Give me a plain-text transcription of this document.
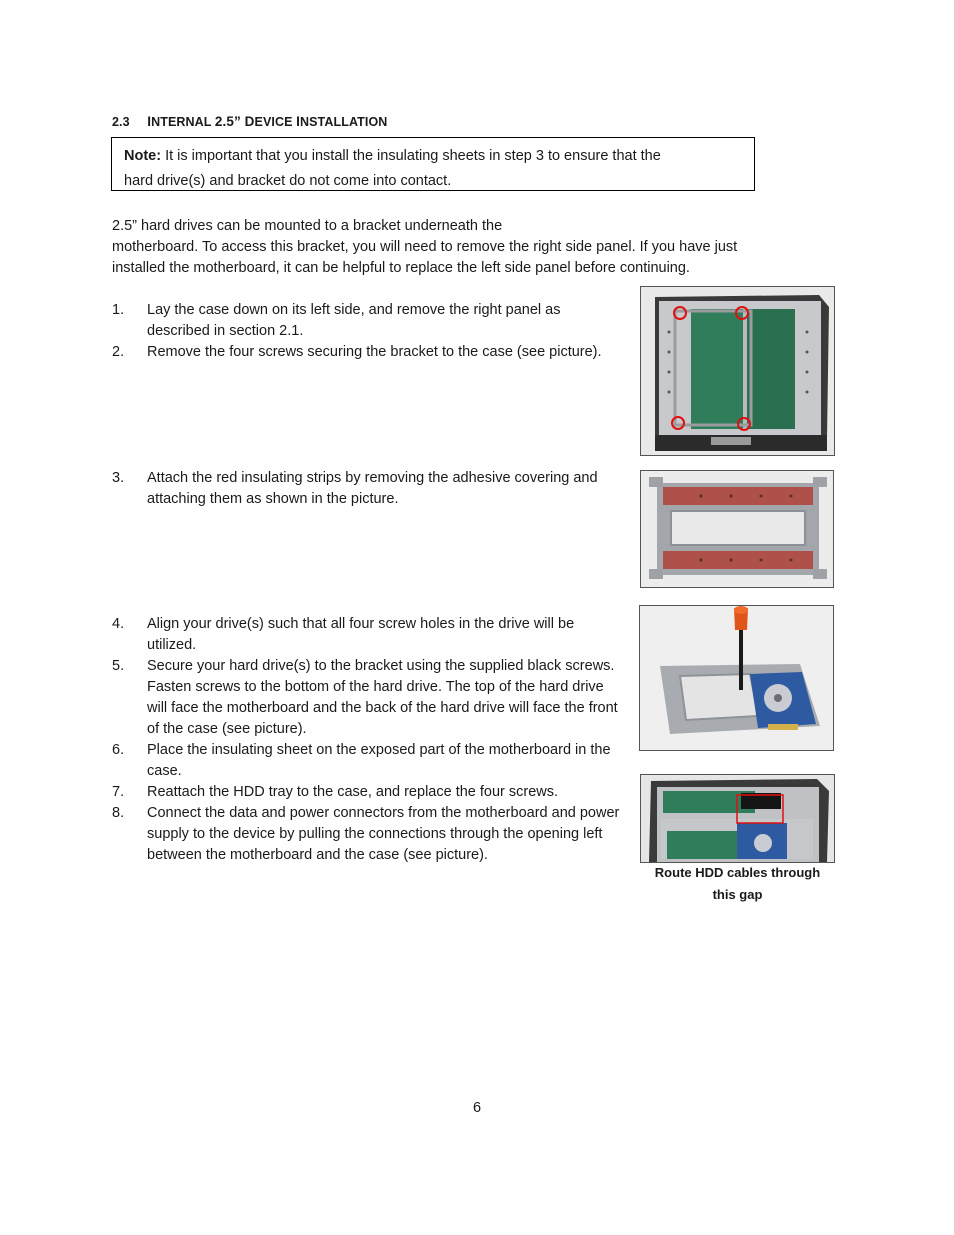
2.3 INTERNAL 2.5” DEVICE INSTALLATION
Note: It is important that you install the insulating sheets in step 3 to ensure that the
hard drive(s) and bracket do not come into contact.
2.5” hard drives can be mounted to a bracket underneath the
motherboard. To access this bracket, you will need to remove the right side panel. If you have just
installed the motherboard, it can be helpful to replace the left side panel before continuing.
1. Lay the case down on its left side, and remove the right panel as described in section 2.1.
2. Remove the four screws securing the bracket to the case (see picture).
3. Attach the red insulating strips by removing the adhesive covering and attaching them as shown in the picture.
4. Align your drive(s) such that all four screw holes in the drive will be utilized.
5. Secure your hard drive(s) to the bracket using the supplied black screws. Fasten screws to the bottom of the hard drive. The top of the hard drive will face the motherboard and the back of the hard drive will face the front of the case (see picture).
6. Place the insulating sheet on the exposed part of the motherboard in the case.
7. Reattach the HDD tray to the case, and replace the four screws.
8. Connect the data and power connectors from the motherboard and power supply to the device by pulling the connections through the opening left between the motherboard and the case (see picture).
Route HDD cables through
this gap
6
